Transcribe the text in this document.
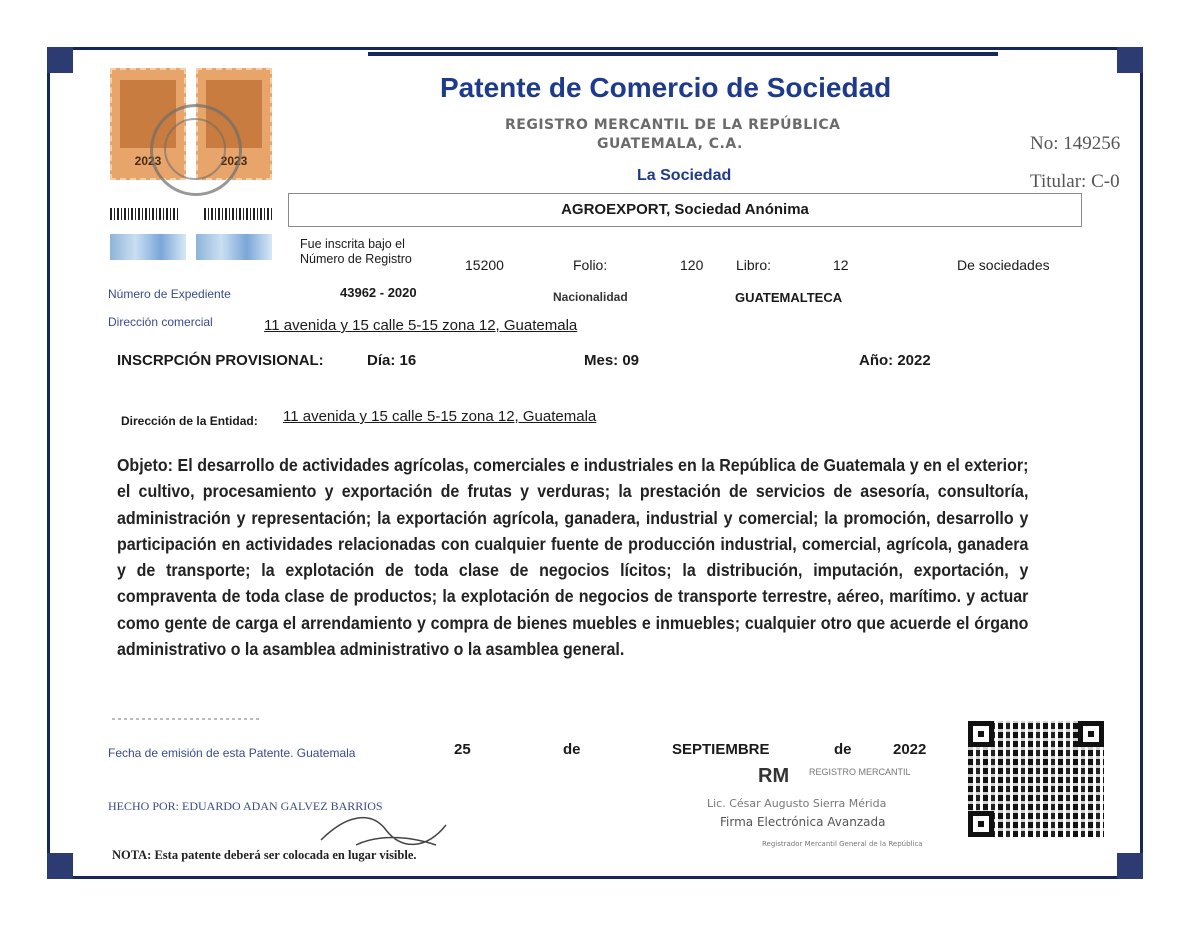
2023	2023
Patente de Comercio de Sociedad
REGISTRO MERCANTIL DE LA REPÚBLICA
GUATEMALA, C.A.	No: 149256
Titular: C-0
La Sociedad
AGROEXPORT, Sociedad Anónima
Fue inscrita bajo el
Número de Registro	15200	Folio:	120 Libro:	12	De sociedades
Número de Expediente	43962 - 2020	Nacionalidad	GUATEMALTECA
Dirección comercial	11 avenida y 15 calle 5-15 zona 12, Guatemala
INSCRPCIÓN PROVISIONAL:	Día: 16	Mes: 09	Año: 2022
Dirección de la Entidad: 11 avenida y 15 calle 5-15 zona 12, Guatemala
Objeto: El desarrollo de actividades agrícolas, comerciales e industriales en la República de Guatemala y en el exterior; el cultivo, procesamiento y exportación de frutas y verduras; la prestación de servicios de asesoría, consultoría, administración y representación; la exportación agrícola, ganadera, industrial y comercial; la promoción, desarrollo y participación en actividades relacionadas con cualquier fuente de producción industrial, comercial, agrícola, ganadera y de transporte; la explotación de toda clase de negocios lícitos; la distribución, imputación, exportación, y compraventa de toda clase de productos; la explotación de negocios de transporte terrestre, aéreo, marítimo. y actuar como gente de carga el arrendamiento y compra de bienes muebles e inmuebles; cualquier otro que acuerde el órgano administrativo o la asamblea administrativo o la asamblea general.
Fecha de emisión de esta Patente. Guatemala	25	de	SEPTIEMBRE	de	2022
HECHO POR: EDUARDO ADAN GALVEZ BARRIOS
RM REGISTRO MERCANTIL
Lic. César Augusto Sierra Mérida
Firma Electrónica Avanzada
Registrador Mercantil General de la República
NOTA: Esta patente deberá ser colocada en lugar visible.
